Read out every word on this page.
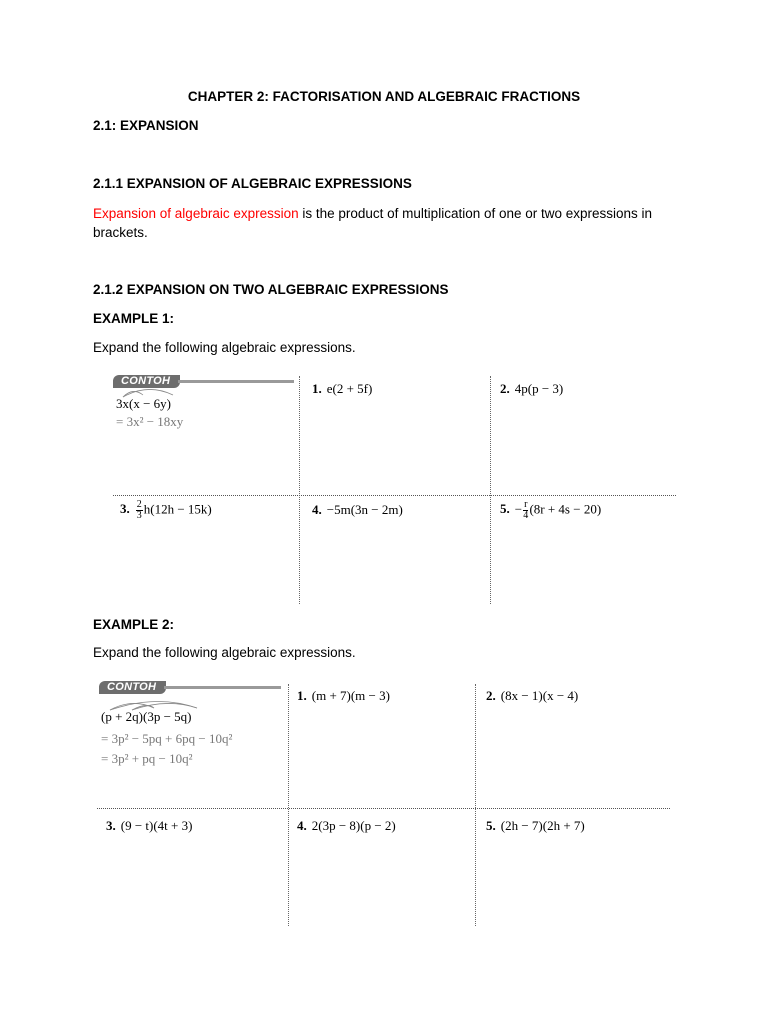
CHAPTER 2: FACTORISATION AND ALGEBRAIC FRACTIONS
2.1: EXPANSION
2.1.1 EXPANSION OF ALGEBRAIC EXPRESSIONS
Expansion of algebraic expression is the product of multiplication of one or two expressions in brackets.
2.1.2 EXPANSION ON TWO ALGEBRAIC EXPRESSIONS
EXAMPLE 1:
Expand the following algebraic expressions.
CONTOH
3x(x − 6y)
= 3x² − 18xy
1. e(2 + 5f)	2. 4p(p − 3)
3. $\frac{2}{3} h(12h - 15k)$	4. −5m(3n − 2m)	5. − $\frac{r}{4} (8r + 4s - 20)$
EXAMPLE 2:
Expand the following algebraic expressions.
CONTOH
(p + 2q)(3p − 5q)
= 3p² − 5pq + 6pq − 10q²
= 3p² + pq − 10q²
1. (m + 7)(m − 3)	2. (8x − 1)(x − 4)
3. (9 − t)(4t + 3)	4. 2(3p − 8)(p − 2)	5. (2h − 7)(2h + 7)
